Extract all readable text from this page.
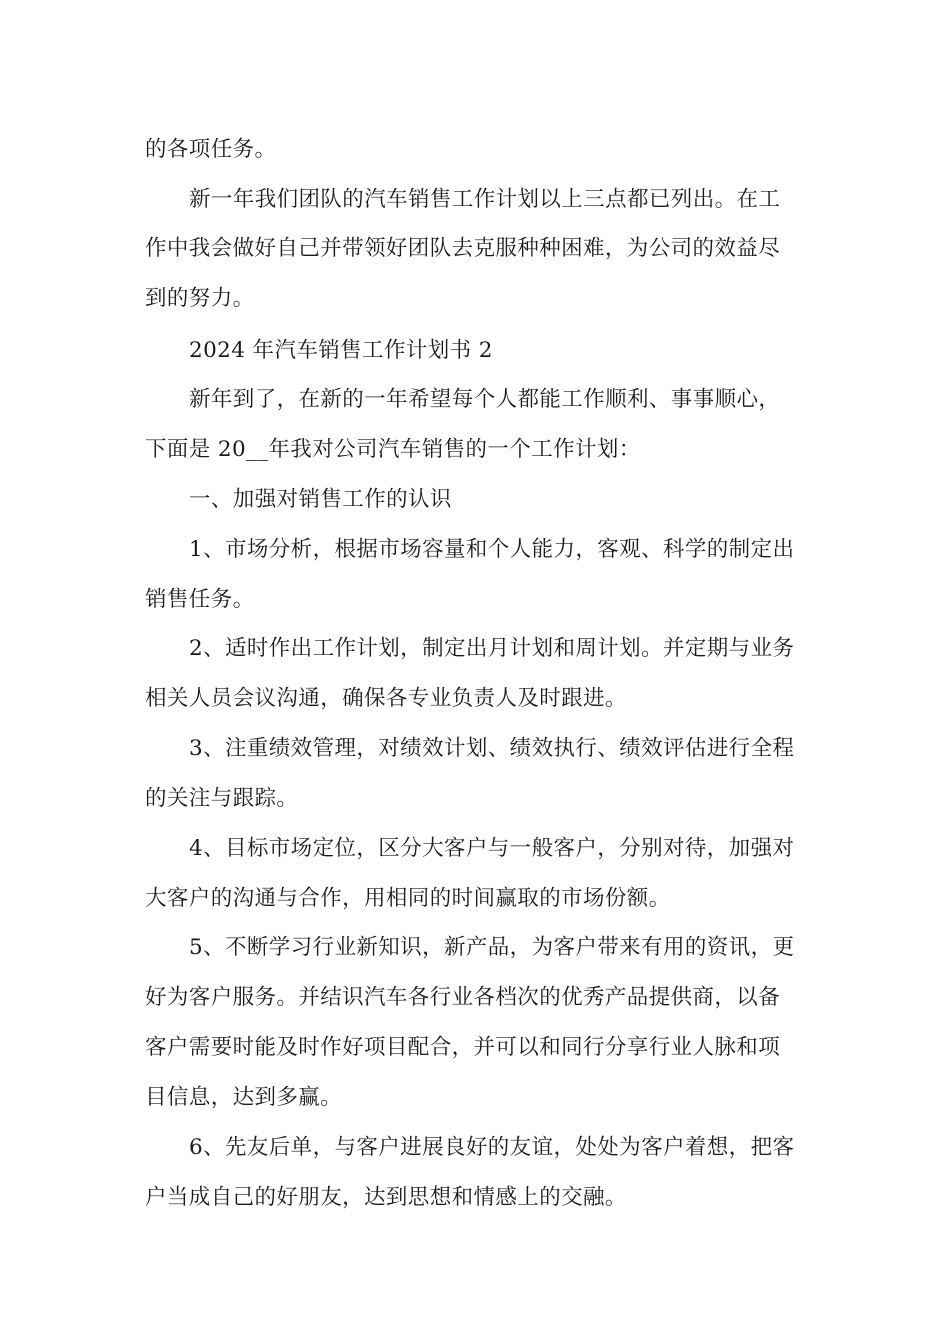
的各项任务。
新一年我们团队的汽车销售工作计划以上三点都已列出。在工
作中我会做好自己并带领好团队去克服种种困难，为公司的效益尽
到的努力。
2024 年汽车销售工作计划书 2
新年到了，在新的一年希望每个人都能工作顺利、事事顺心，
下面是 20__年我对公司汽车销售的一个工作计划：
一、加强对销售工作的认识
1、市场分析，根据市场容量和个人能力，客观、科学的制定出
销售任务。
2、适时作出工作计划，制定出月计划和周计划。并定期与业务
相关人员会议沟通，确保各专业负责人及时跟进。
3、注重绩效管理，对绩效计划、绩效执行、绩效评估进行全程
的关注与跟踪。
4、目标市场定位，区分大客户与一般客户，分别对待，加强对
大客户的沟通与合作，用相同的时间赢取的市场份额。
5、不断学习行业新知识，新产品，为客户带来有用的资讯，更
好为客户服务。并结识汽车各行业各档次的优秀产品提供商，以备
客户需要时能及时作好项目配合，并可以和同行分享行业人脉和项
目信息，达到多赢。
6、先友后单，与客户进展良好的友谊，处处为客户着想，把客
户当成自己的好朋友，达到思想和情感上的交融。
